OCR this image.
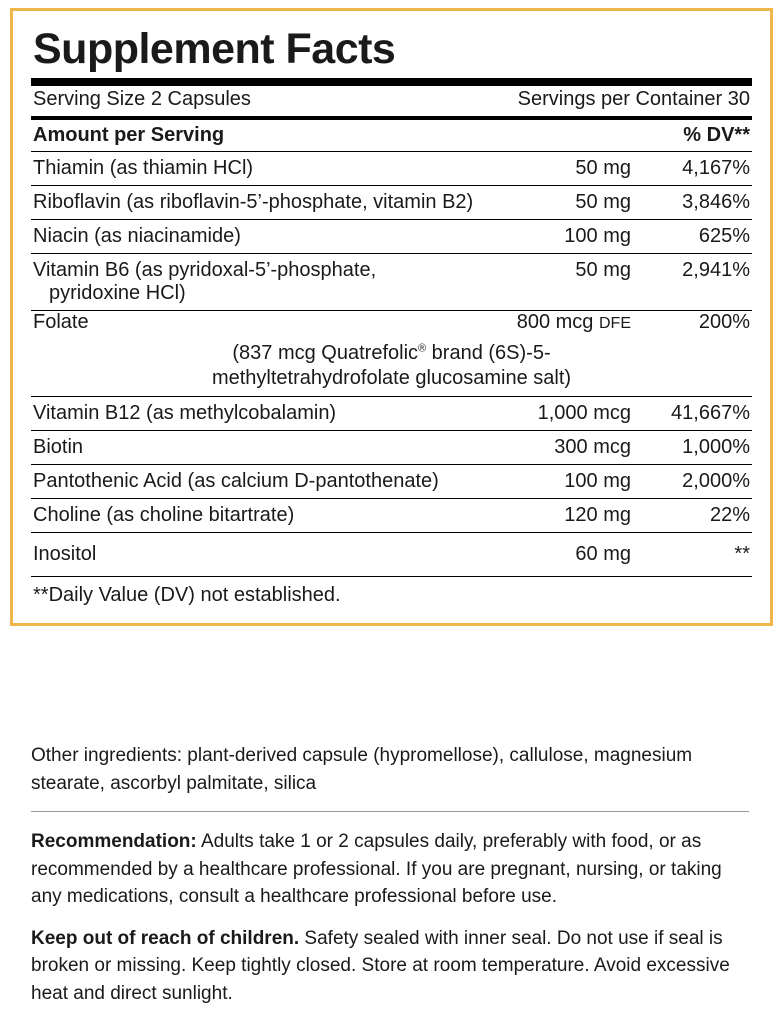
Supplement Facts
Serving Size 2 Capsules	Servings per Container 30
Amount per Serving	% DV**
Thiamin (as thiamin HCl)	50 mg	4,167%
Riboflavin (as riboflavin-5’-phosphate, vitamin B2)	50 mg	3,846%
Niacin (as niacinamide)	100 mg	625%
Vitamin B6 (as pyridoxal-5’-phosphate,
pyridoxine HCl)	50 mg	2,941%
Folate	800 mcg DFE	200%
(837 mcg Quatrefolic® brand (6S)-5-
methyltetrahydrofolate glucosamine salt)		
Vitamin B12 (as methylcobalamin)	1,000 mcg	41,667%
Biotin	300 mcg	1,000%
Pantothenic Acid (as calcium D-pantothenate)	100 mg	2,000%
Choline (as choline bitartrate)	120 mg	22%
Inositol	60 mg	**
**Daily Value (DV) not established.

Other ingredients: plant-derived capsule (hypromellose), callulose, magnesium stearate, ascorbyl palmitate, silica

Recommendation: Adults take 1 or 2 capsules daily, preferably with food, or as recommended by a healthcare professional. If you are pregnant, nursing, or taking any medications, consult a healthcare professional before use.

Keep out of reach of children. Safety sealed with inner seal. Do not use if seal is broken or missing. Keep tightly closed. Store at room temperature. Avoid excessive heat and direct sunlight.
